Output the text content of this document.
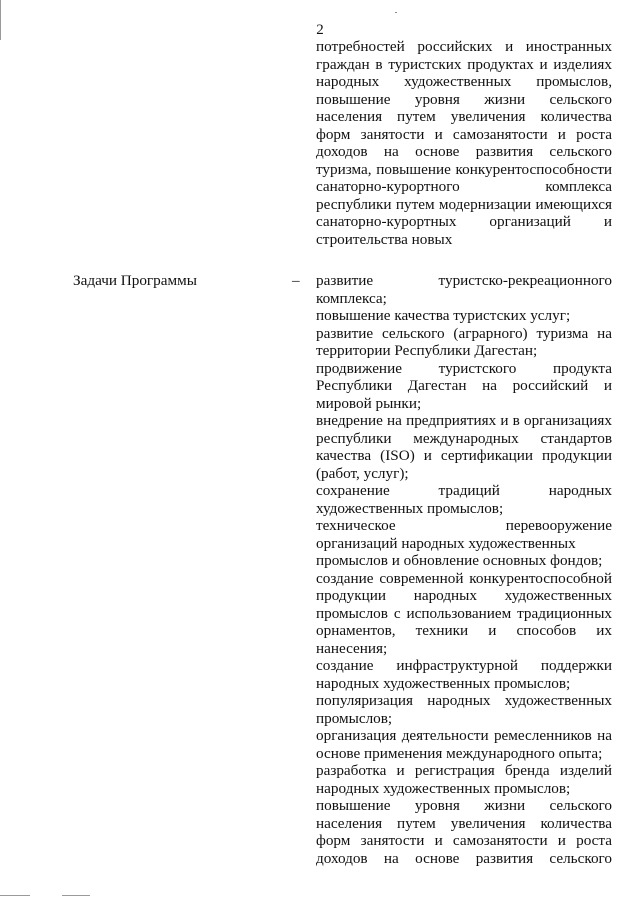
2
потребностей российских и иностранных
граждан в туристских продуктах и изделиях
народных художественных промыслов,
повышение уровня жизни сельского
населения путем увеличения количества
форм занятости и самозанятости и роста
доходов на основе развития сельского
туризма, повышение конкурентоспособности
санаторно-курортного комплекса
республики путем модернизации имеющихся
санаторно-курортных организаций и
строительства новых
Задачи Программы	– развитие туристско-рекреационного
комплекса;
повышение качества туристских услуг;
развитие сельского (аграрного) туризма на
территории Республики Дагестан;
продвижение туристского продукта
Республики Дагестан на российский и
мировой рынки;
внедрение на предприятиях и в организациях
республики международных стандартов
качества (ISO) и сертификации продукции
(работ, услуг);
сохранение традиций народных
художественных промыслов;
техническое перевооружение
организаций народных художественных
промыслов и обновление основных фондов;
создание современной конкурентоспособной
продукции народных художественных
промыслов с использованием традиционных
орнаментов, техники и способов их
нанесения;
создание инфраструктурной поддержки
народных художественных промыслов;
популяризация народных художественных
промыслов;
организация деятельности ремесленников на
основе применения международного опыта;
разработка и регистрация бренда изделий
народных художественных промыслов;
повышение уровня жизни сельского
населения путем увеличения количества
форм занятости и самозанятости и роста
доходов на основе развития сельского
